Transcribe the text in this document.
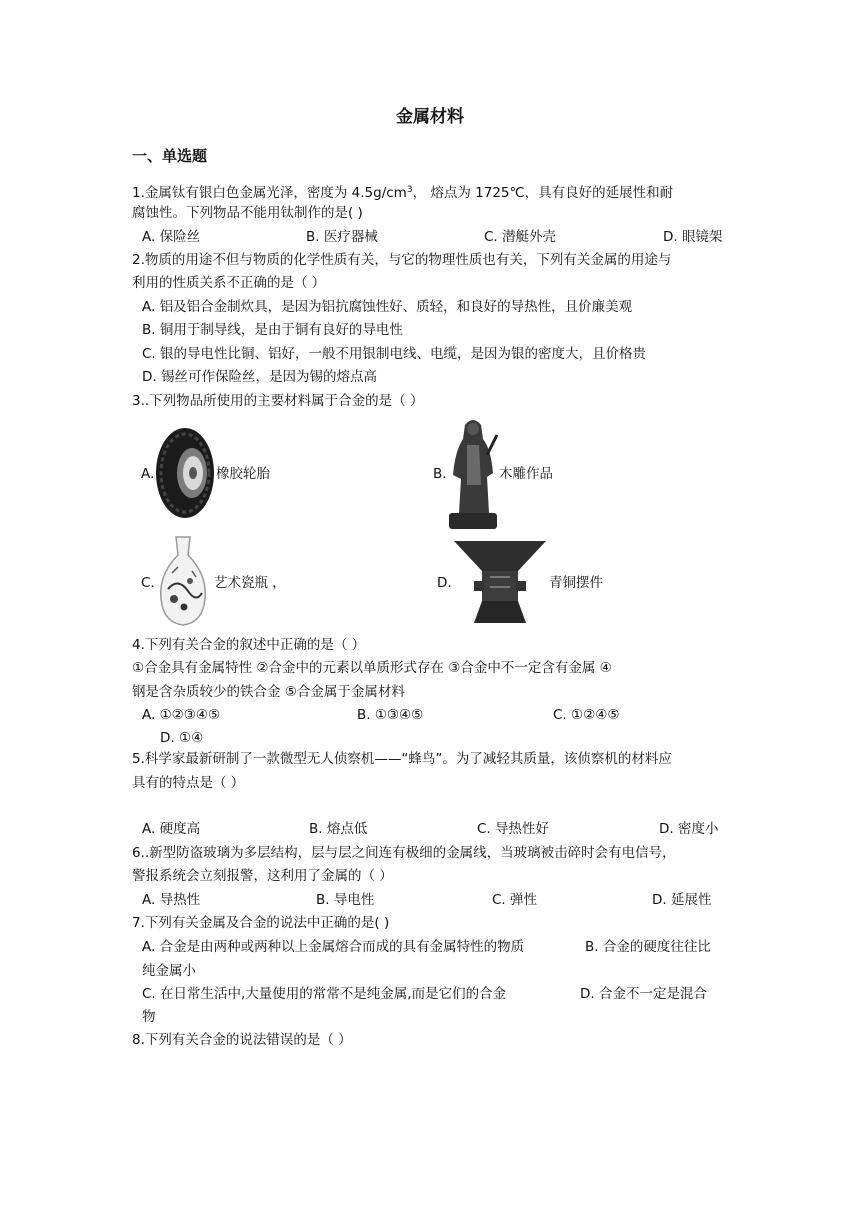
金属材料
一、单选题
1.金属钛有银白色金属光泽，密度为 $4.5g/cm^3$， 熔点为 1725℃，具有良好的延展性和耐
腐蚀性。下列物品不能用钛制作的是( )
A. 保险丝	B. 医疗器械	C. 潜艇外壳	D. 眼镜架
2.物质的用途不但与物质的化学性质有关，与它的物理性质也有关，下列有关金属的用途与
利用的性质关系不正确的是（ ）
A. 铝及铝合金制炊具，是因为铝抗腐蚀性好、质轻，和良好的导热性，且价廉美观
B. 铜用于制导线，是由于铜有良好的导电性
C. 银的导电性比铜、铝好，一般不用银制电线、电缆，是因为银的密度大，且价格贵
D. 锡丝可作保险丝，是因为锡的熔点高
3..下列物品所使用的主要材料属于合金的是（ ）
A.	橡胶轮胎	B.	木雕作品
C.	艺术瓷瓶 ，	D.	青铜摆件
4.下列有关合金的叙述中正确的是（ ）
①合金具有金属特性 ②合金中的元素以单质形式存在 ③合金中不一定含有金属 ④
钢是含杂质较少的铁合金 ⑤合金属于金属材料
A. ①②③④⑤	B. ①③④⑤	C. ①②④⑤
D. ①④
5.科学家最新研制了一款微型无人侦察机——“蜂鸟”。为了减轻其质量，该侦察机的材料应
具有的特点是（ ）
A. 硬度高	B. 熔点低	C. 导热性好	D. 密度小
6..新型防盗玻璃为多层结构，层与层之间连有极细的金属线，当玻璃被击碎时会有电信号，
警报系统会立刻报警，这利用了金属的（ ）
A. 导热性	B. 导电性	C. 弹性	D. 延展性
7.下列有关金属及合金的说法中正确的是( )
A. 合金是由两种或两种以上金属熔合而成的具有金属特性的物质	B. 合金的硬度往往比
纯金属小
C. 在日常生活中,大量使用的常常不是纯金属,而是它们的合金	D. 合金不一定是混合
物
8.下列有关合金的说法错误的是（ ）
